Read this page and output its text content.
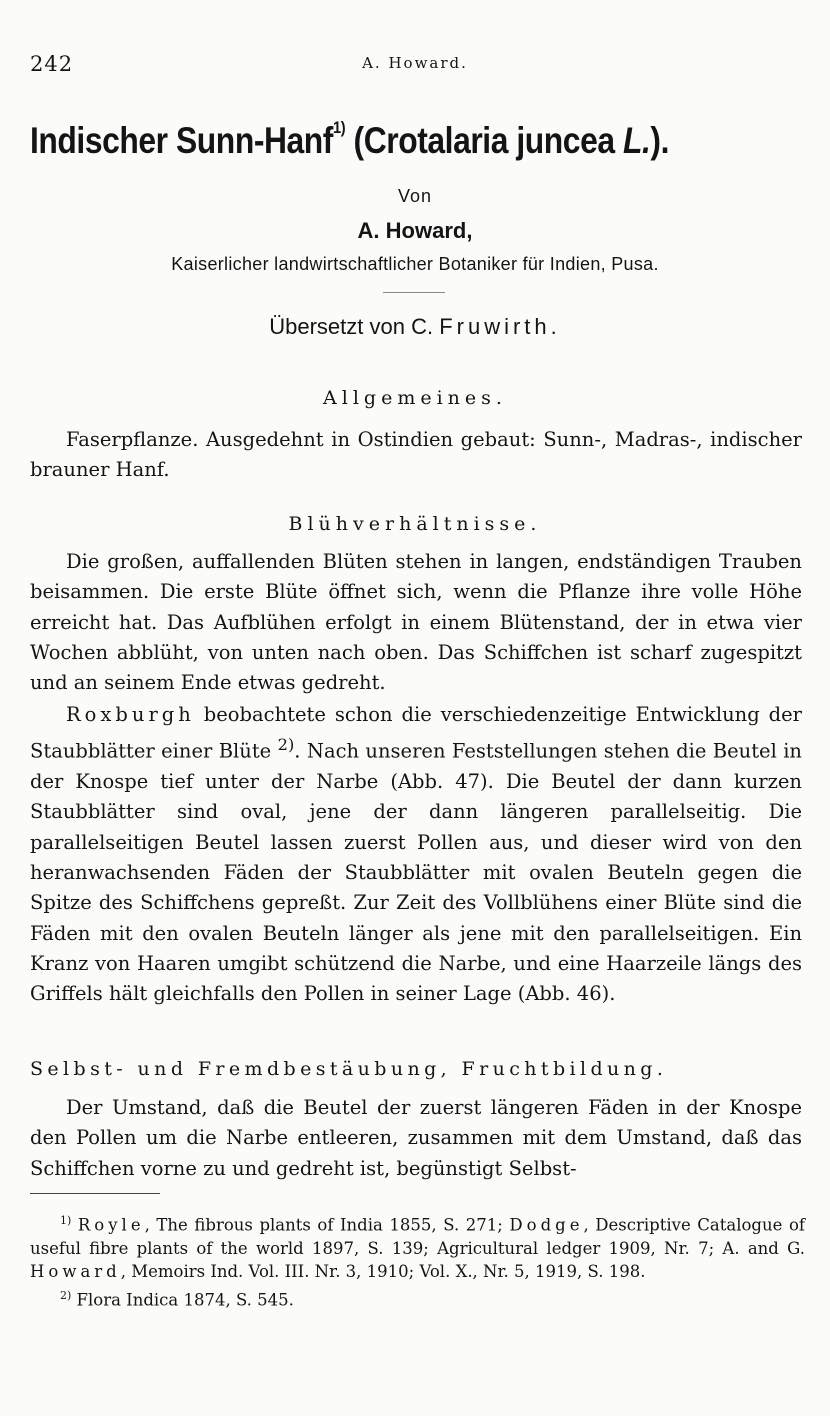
242	A. Howard.
Indischer Sunn-Hanf$^{1)}$ (Crotalaria juncea L.).

Von

A. Howard,

Kaiserlicher landwirtschaftlicher Botaniker für Indien, Pusa.

Übersetzt von C. Fruwirth.

Allgemeines.

Faserpflanze. Ausgedehnt in Ostindien gebaut: Sunn-, Madras-, indischer brauner Hanf.

Blühverhältnisse.

Die großen, auffallenden Blüten stehen in langen, endständigen Trauben beisammen. Die erste Blüte öffnet sich, wenn die Pflanze ihre volle Höhe erreicht hat. Das Aufblühen erfolgt in einem Blütenstand, der in etwa vier Wochen abblüht, von unten nach oben. Das Schiffchen ist scharf zugespitzt und an seinem Ende etwas gedreht.

Roxburgh beobachtete schon die verschiedenzeitige Entwicklung der Staubblätter einer Blüte $^{2)}$. Nach unseren Feststellungen stehen die Beutel in der Knospe tief unter der Narbe (Abb. 47). Die Beutel der dann kurzen Staubblätter sind oval, jene der dann längeren parallelseitig. Die parallelseitigen Beutel lassen zuerst Pollen aus, und dieser wird von den heranwachsenden Fäden der Staubblätter mit ovalen Beuteln gegen die Spitze des Schiffchens gepreßt. Zur Zeit des Vollblühens einer Blüte sind die Fäden mit den ovalen Beuteln länger als jene mit den parallelseitigen. Ein Kranz von Haaren umgibt schützend die Narbe, und eine Haarzeile längs des Griffels hält gleichfalls den Pollen in seiner Lage (Abb. 46).

Selbst- und Fremdbestäubung, Fruchtbildung.

Der Umstand, daß die Beutel der zuerst längeren Fäden in der Knospe den Pollen um die Narbe entleeren, zusammen mit dem Umstand, daß das Schiffchen vorne zu und gedreht ist, begünstigt Selbst-

$^{1)}$ Royle, The fibrous plants of India 1855, S. 271; Dodge, Descriptive Catalogue of useful fibre plants of the world 1897, S. 139; Agricultural ledger 1909, Nr. 7; A. and G. Howard, Memoirs Ind. Vol. III. Nr. 3, 1910; Vol. X., Nr. 5, 1919, S. 198.

$^{2)}$ Flora Indica 1874, S. 545.
